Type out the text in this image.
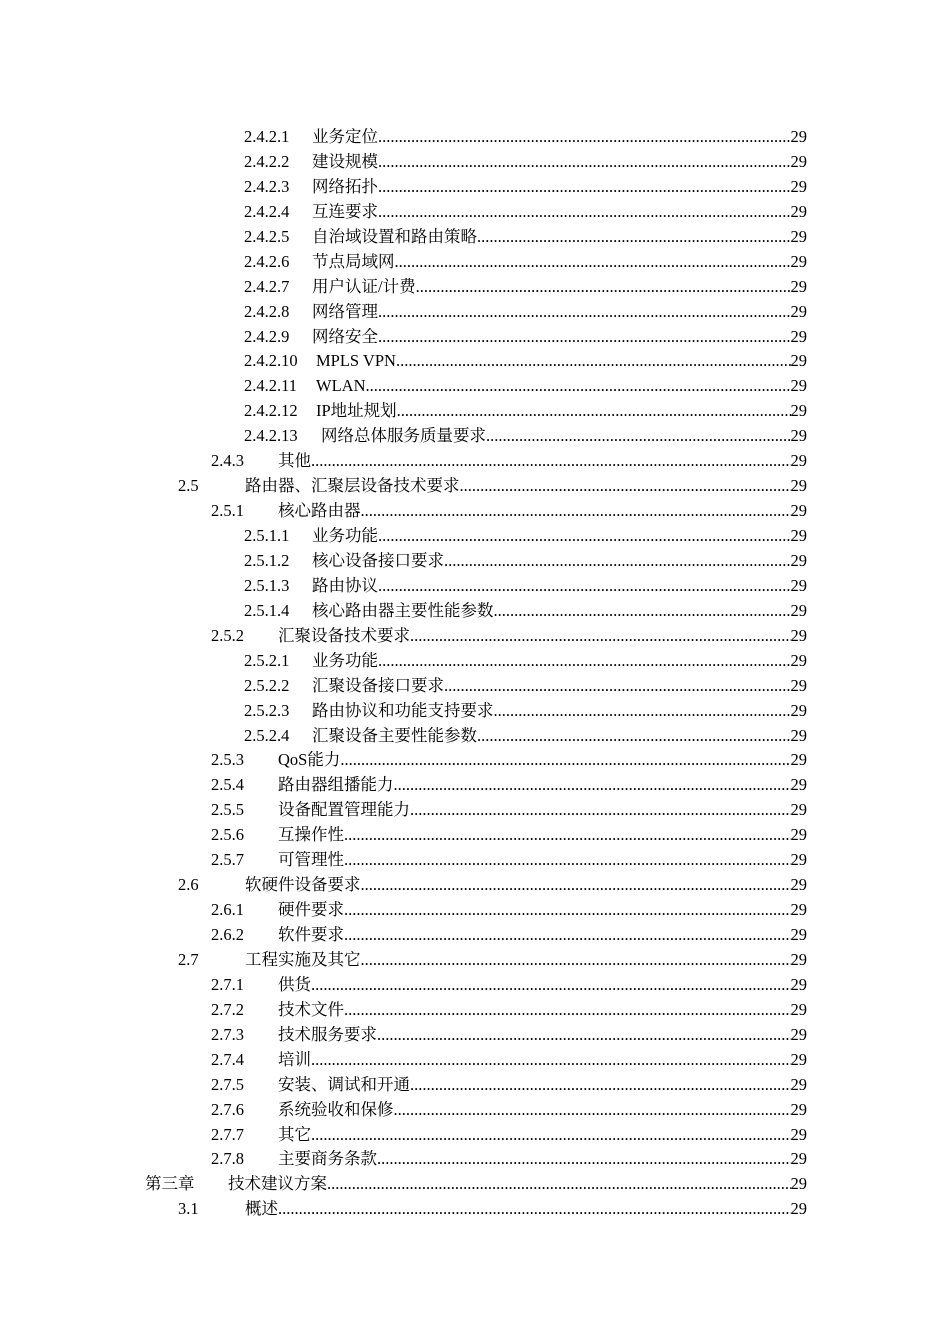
2.4.2.1	业务定位 .....	29
2.4.2.2	建设规模 .....	29
2.4.2.3	网络拓扑 .....	29
2.4.2.4	互连要求 .....	29
2.4.2.5	自治域设置和路由策略 .....	29
2.4.2.6	节点局域网 .....	29
2.4.2.7	用户认证/计费 .....	29
2.4.2.8	网络管理 .....	29
2.4.2.9	网络安全 .....	29
2.4.2.10	MPLS VPN .....	29
2.4.2.11	WLAN .....	29
2.4.2.12	IP地址规划 .....	29
2.4.2.13	网络总体服务质量要求 .....	29
2.4.3	其他 .....	29
2.5	路由器、汇聚层设备技术要求 .....	29
2.5.1	核心路由器 .....	29
2.5.1.1	业务功能 .....	29
2.5.1.2	核心设备接口要求 .....	29
2.5.1.3	路由协议 .....	29
2.5.1.4	核心路由器主要性能参数 .....	29
2.5.2	汇聚设备技术要求 .....	29
2.5.2.1	业务功能 .....	29
2.5.2.2	汇聚设备接口要求 .....	29
2.5.2.3	路由协议和功能支持要求 .....	29
2.5.2.4	汇聚设备主要性能参数 .....	29
2.5.3	QoS能力 .....	29
2.5.4	路由器组播能力 .....	29
2.5.5	设备配置管理能力 .....	29
2.5.6	互操作性 .....	29
2.5.7	可管理性 .....	29
2.6	软硬件设备要求 .....	29
2.6.1	硬件要求 .....	29
2.6.2	软件要求 .....	29
2.7	工程实施及其它 .....	29
2.7.1	供货 .....	29
2.7.2	技术文件 .....	29
2.7.3	技术服务要求 .....	29
2.7.4	培训 .....	29
2.7.5	安装、调试和开通 .....	29
2.7.6	系统验收和保修 .....	29
2.7.7	其它 .....	29
2.7.8	主要商务条款 .....	29
第三章	技术建议方案 .....	29
3.1	概述 .....	29
